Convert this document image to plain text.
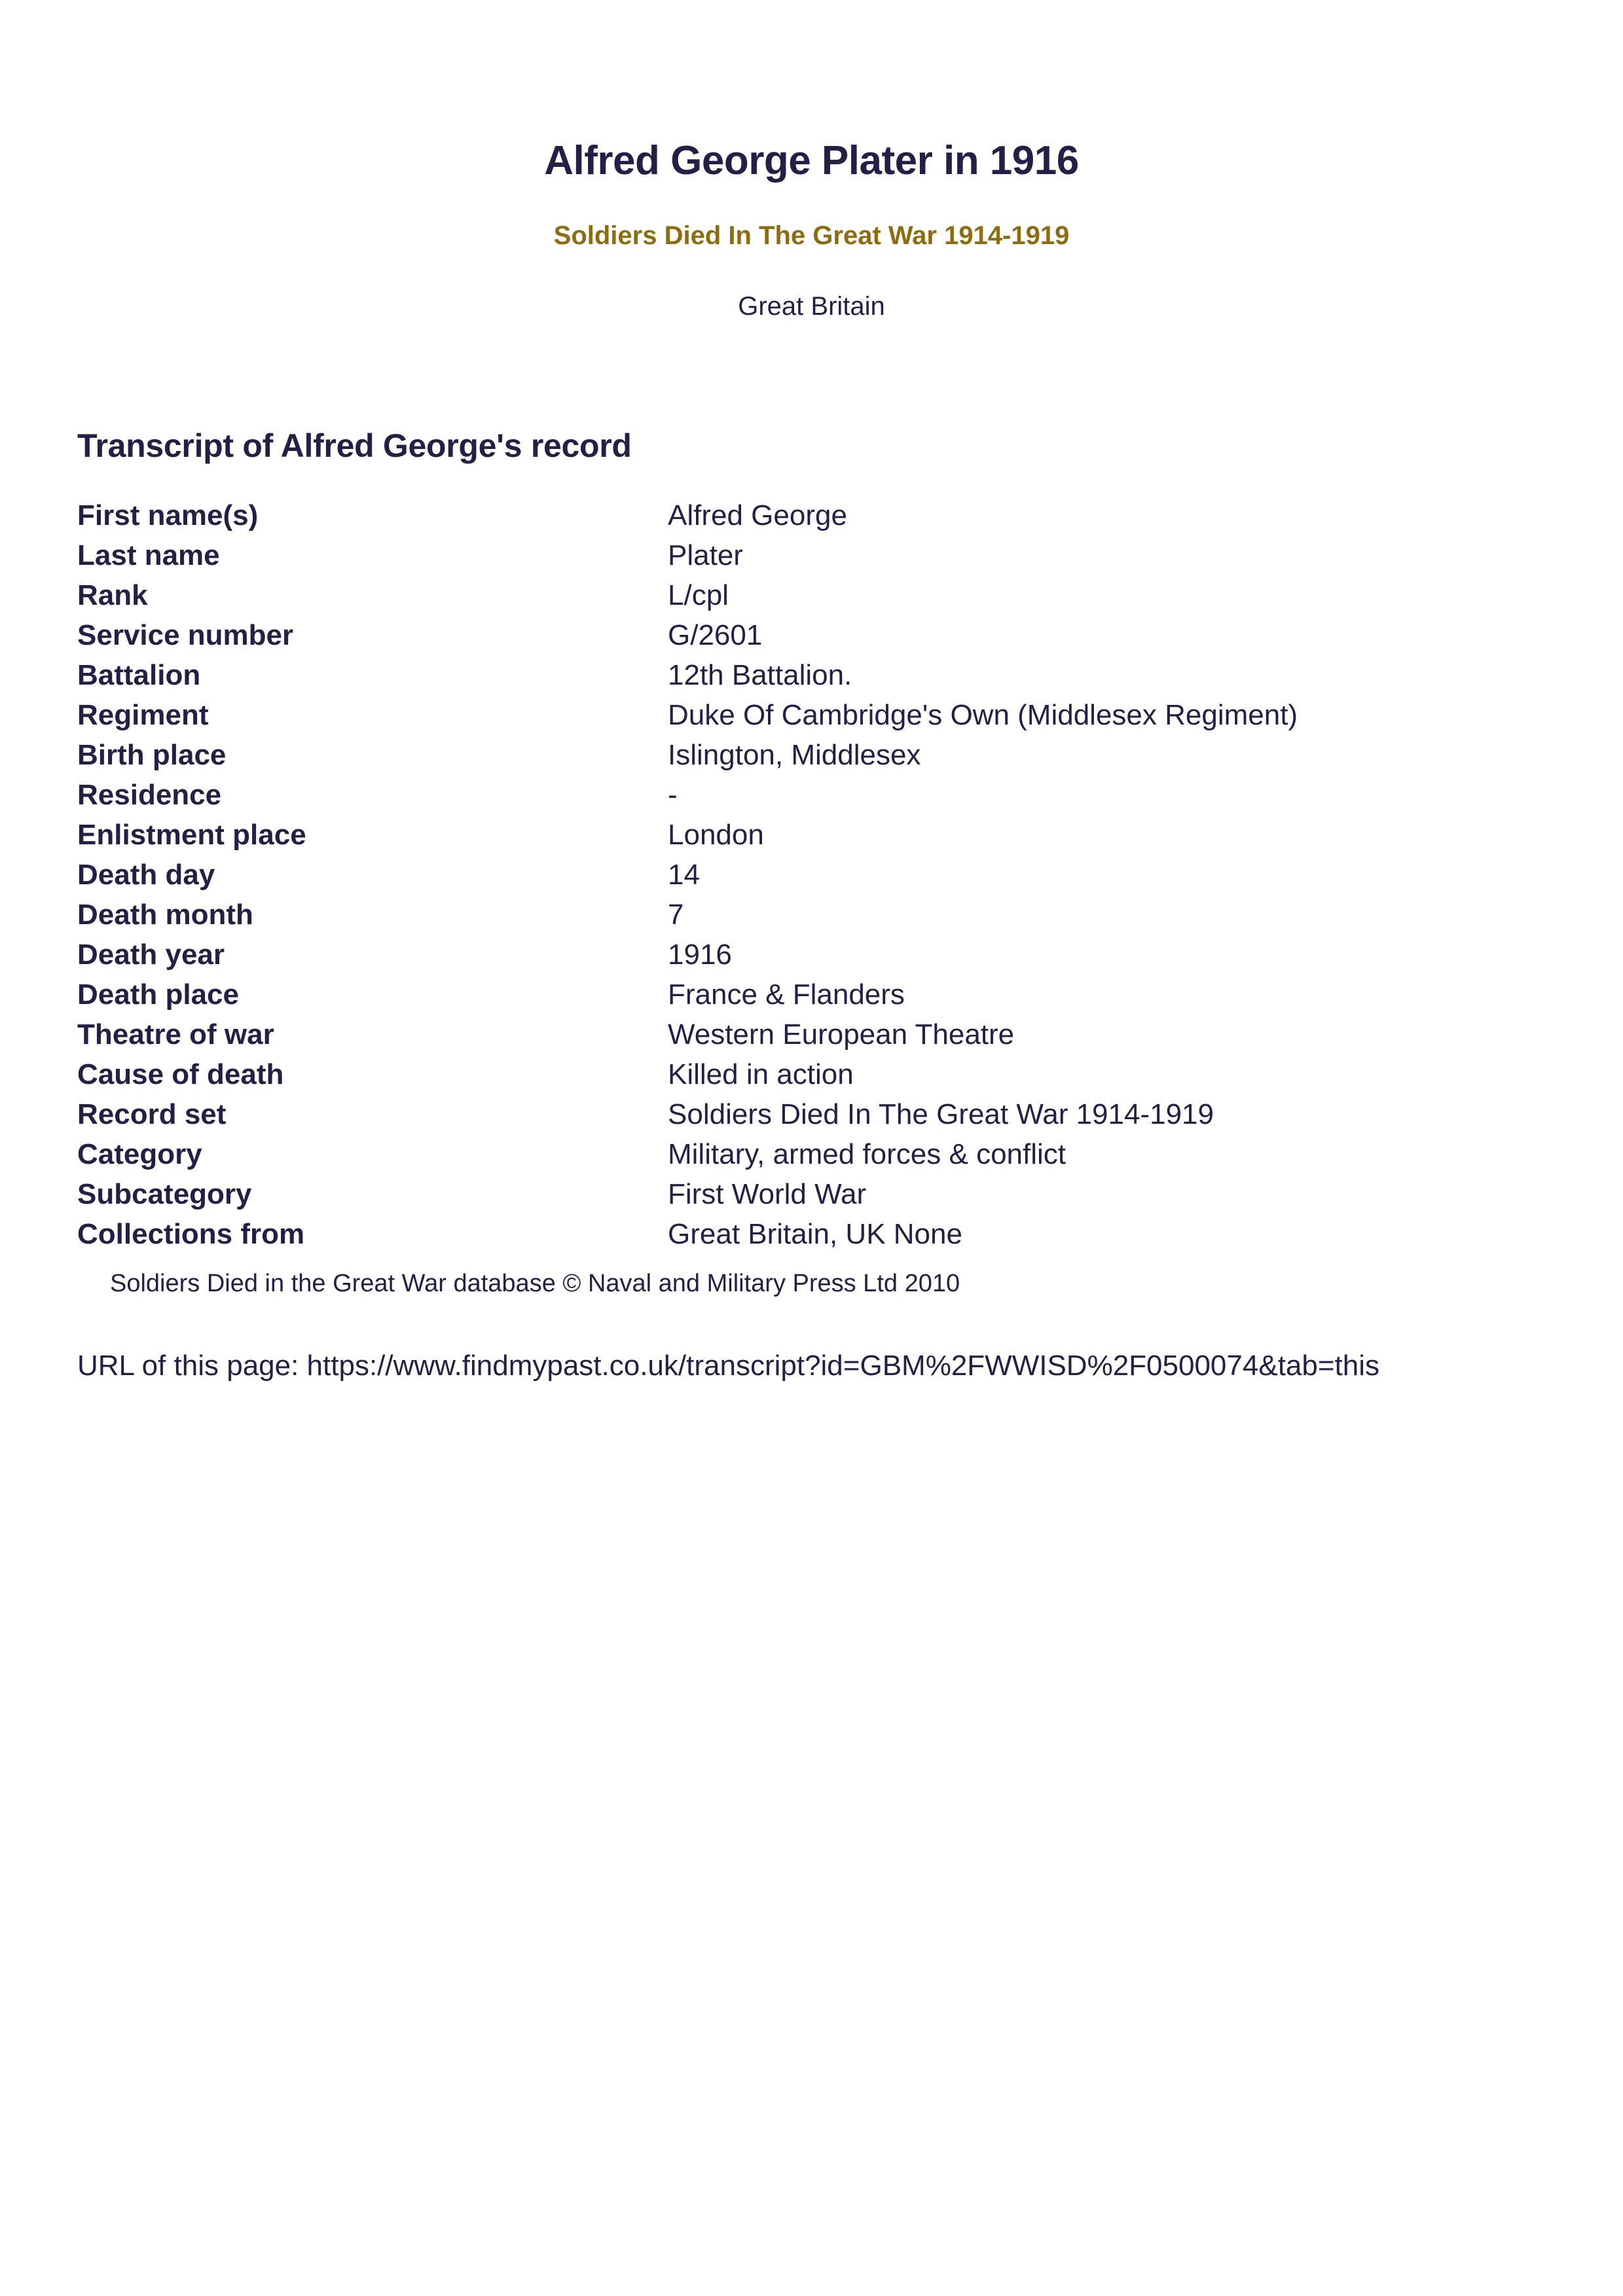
Alfred George Plater in 1916

Soldiers Died In The Great War 1914-1919

Great Britain

Transcript of Alfred George's record
First name(s)	Alfred George
Last name	Plater
Rank	L/cpl
Service number	G/2601
Battalion	12th Battalion.
Regiment	Duke Of Cambridge's Own (Middlesex Regiment)
Birth place	Islington, Middlesex
Residence	-
Enlistment place	London
Death day	14
Death month	7
Death year	1916
Death place	France & Flanders
Theatre of war	Western European Theatre
Cause of death	Killed in action
Record set	Soldiers Died In The Great War 1914-1919
Category	Military, armed forces & conflict
Subcategory	First World War
Collections from	Great Britain, UK None

Soldiers Died in the Great War database © Naval and Military Press Ltd 2010

URL of this page: https://www.findmypast.co.uk/transcript?id=GBM%2FWWISD%2F0500074&tab=this
